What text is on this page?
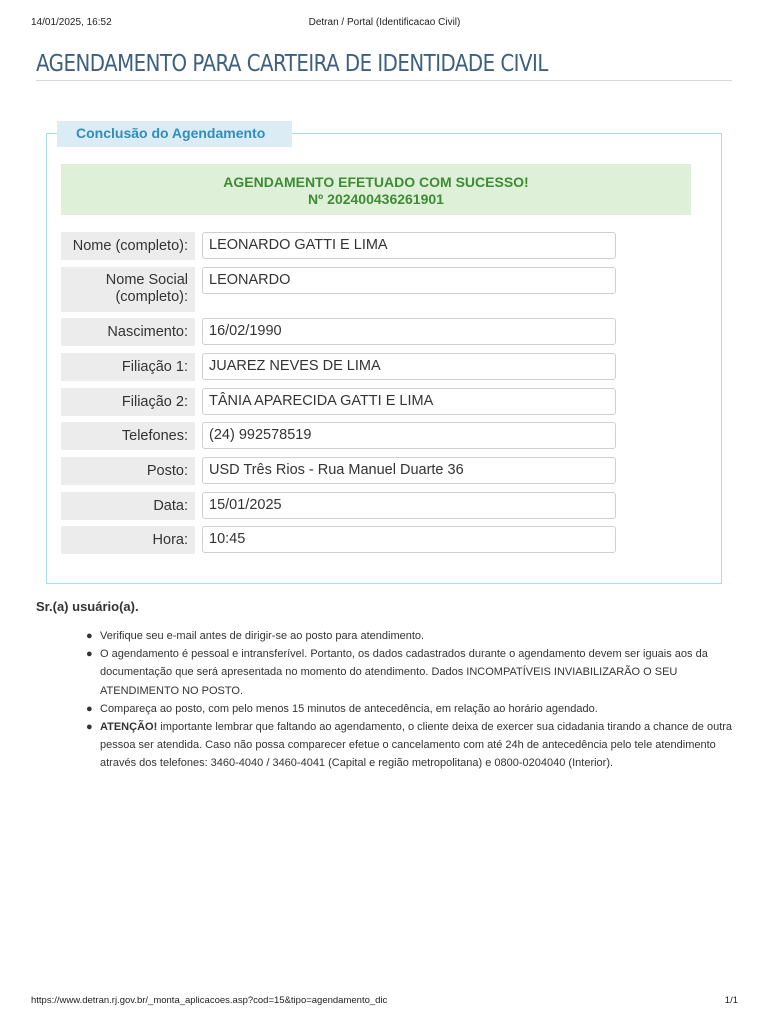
14/01/2025, 16:52	Detran / Portal (Identificacao Civil)
AGENDAMENTO PARA CARTEIRA DE IDENTIDADE CIVIL
Conclusão do Agendamento
AGENDAMENTO EFETUADO COM SUCESSO!
Nº 202400436261901
Nome (completo):	LEONARDO GATTI E LIMA
Nome Social (completo):
LEONARDO
Nascimento:	16/02/1990
Filiação 1:	JUAREZ NEVES DE LIMA
Filiação 2:	TÂNIA APARECIDA GATTI E LIMA
Telefones:	(24) 992578519
Posto:	USD Três Rios - Rua Manuel Duarte 36
Data:	15/01/2025
Hora:	10:45
Sr.(a) usuário(a).
● Verifique seu e-mail antes de dirigir-se ao posto para atendimento.
● O agendamento é pessoal e intransferível. Portanto, os dados cadastrados durante o agendamento devem ser iguais aos da documentação que será apresentada no momento do atendimento. Dados INCOMPATÍVEIS INVIABILIZARÃO O SEU ATENDIMENTO NO POSTO.
● Compareça ao posto, com pelo menos 15 minutos de antecedência, em relação ao horário agendado.
● ATENÇÃO! importante lembrar que faltando ao agendamento, o cliente deixa de exercer sua cidadania tirando a chance de outra pessoa ser atendida. Caso não possa comparecer efetue o cancelamento com até 24h de antecedência pelo tele atendimento através dos telefones: 3460-4040 / 3460-4041 (Capital e região metropolitana) e 0800-0204040 (Interior).
https://www.detran.rj.gov.br/_monta_aplicacoes.asp?cod=15&tipo=agendamento_dic	1/1
